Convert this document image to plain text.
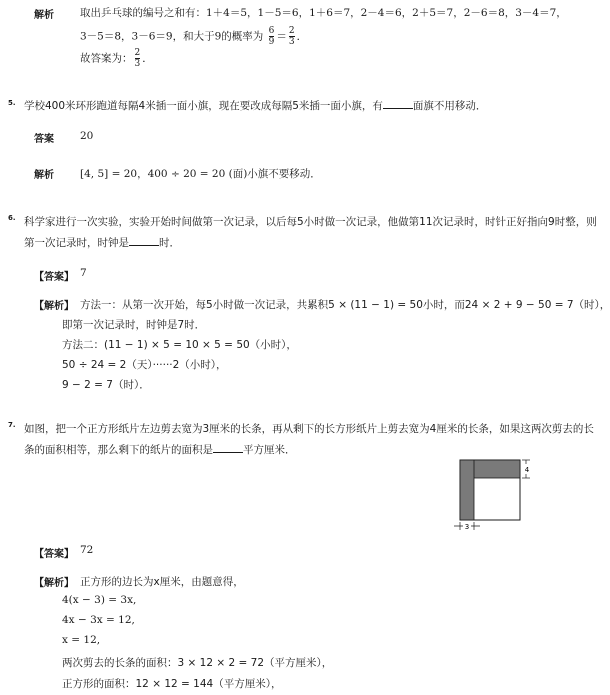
解析 取出乒乓球的编号之和有：1＋4＝5，1－5＝6，1＋6＝7，2－4＝6，2＋5＝7，2－6＝8，3－4＝7，
3－5＝8，3－6＝9，和大于9的概率为 $\frac{6}{9} = \frac{2}{3}$ ．
故答案为： $\frac{2}{3}$ ．
5. 学校400米环形跑道每隔4米插一面小旗，现在要改成每隔5米插一面小旗，有	面旗不用移动．
答案 20
解析 [4, 5] = 20，400 ÷ 20 = 20 (面)小旗不要移动．
6. 科学家进行一次实验，实验开始时间做第一次记录，以后每5小时做一次记录，他做第11次记录时，时针正好指向9时整，则
第一次记录时，时钟是	时．
【答案】 7
【解析】 方法一：从第一次开始，每5小时做一次记录，共累积5 × (11 − 1) = 50小时，而24 × 2 + 9 − 50 = 7（时），
即第一次记录时，时钟是7时．
方法二：(11 − 1) × 5 = 10 × 5 = 50（小时），
50 ÷ 24 = 2（天）······2（小时），
9 − 2 = 7（时）．
7. 如图，把一个正方形纸片左边剪去宽为3厘米的长条，再从剩下的长方形纸片上剪去宽为4厘米的长条，如果这两次剪去的长
条的面积相等，那么剩下的纸片的面积是	平方厘米．
4
3
【答案】 72
【解析】 正方形的边长为x厘米，由题意得，
4(x − 3) = 3x,
4x − 3x = 12,
x = 12,
两次剪去的长条的面积：3 × 12 × 2 = 72（平方厘米），
正方形的面积：12 × 12 = 144（平方厘米），
